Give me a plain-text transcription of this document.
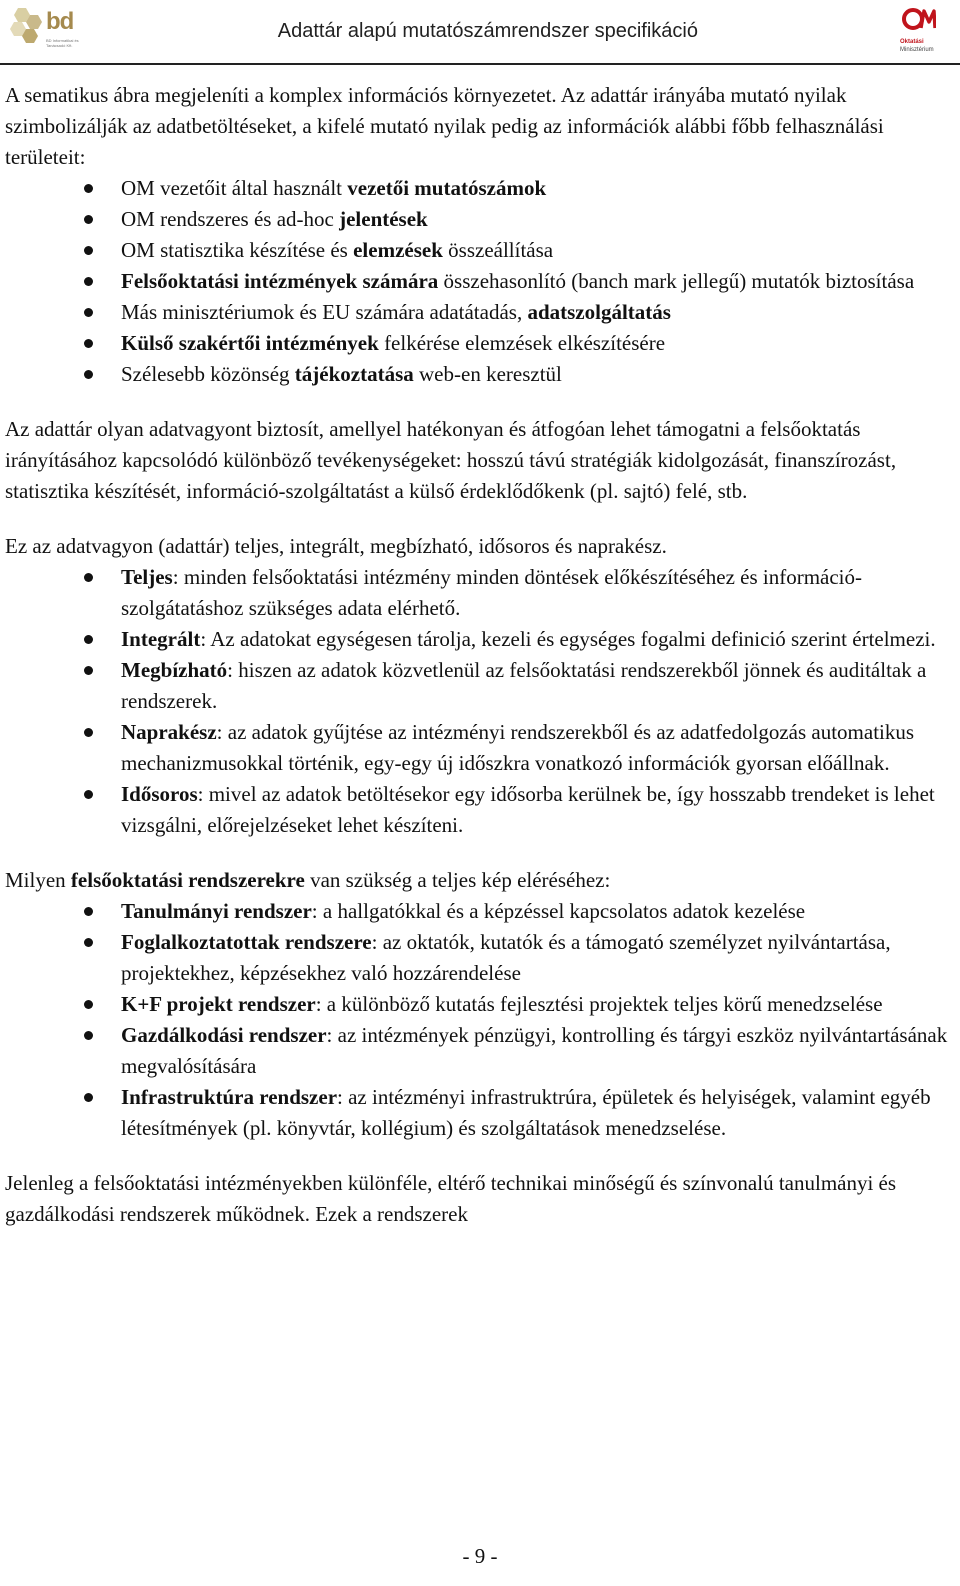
bd
BD Informatikai és Tanácsadó Kft.
Adattár alapú mutatószámrendszer specifikáció	Oktatási
Minisztérium

A sematikus ábra megjeleníti a komplex információs környezetet. Az adattár irányába mutató nyilak szimbolizálják az adatbetöltéseket, a kifelé mutató nyilak pedig az információk alábbi főbb felhasználási területeit:

OM vezetőit által használt vezetői mutatószámok
OM rendszeres és ad-hoc jelentések
OM statisztika készítése és elemzések összeállítása
Felsőoktatási intézmények számára összehasonlító (banch mark jellegű) mutatók biztosítása
Más minisztériumok és EU számára adatátadás, adatszolgáltatás
Külső szakértői intézmények felkérése elemzések elkészítésére
Szélesebb közönség tájékoztatása web-en keresztül

Az adattár olyan adatvagyont biztosít, amellyel hatékonyan és átfogóan lehet támogatni a felsőoktatás irányításához kapcsolódó különböző tevékenységeket: hosszú távú stratégiák kidolgozását, finanszírozást, statisztika készítését, információ-szolgáltatást a külső érdeklődőkenk (pl. sajtó) felé, stb.

Ez az adatvagyon (adattár) teljes, integrált, megbízható, idősoros és naprakész.

Teljes: minden felsőoktatási intézmény minden döntések előkészítéséhez és információ-szolgátatáshoz szükséges adata elérhető.
Integrált: Az adatokat egységesen tárolja, kezeli és egységes fogalmi definició szerint értelmezi.
Megbízható: hiszen az adatok közvetlenül az felsőoktatási rendszerekből jönnek és auditáltak a rendszerek.
Naprakész: az adatok gyűjtése az intézményi rendszerekből és az adatfedolgozás automatikus mechanizmusokkal történik, egy-egy új időszkra vonatkozó információk gyorsan előállnak.
Idősoros: mivel az adatok betöltésekor egy idősorba kerülnek be, így hosszabb trendeket is lehet vizsgálni, előrejelzéseket lehet készíteni.

Milyen felsőoktatási rendszerekre van szükség a teljes kép eléréséhez:

Tanulmányi rendszer: a hallgatókkal és a képzéssel kapcsolatos adatok kezelése
Foglalkoztatottak rendszere: az oktatók, kutatók és a támogató személyzet nyilvántartása, projektekhez, képzésekhez való hozzárendelése
K+F projekt rendszer: a különböző kutatás fejlesztési projektek teljes körű menedzselése
Gazdálkodási rendszer: az intézmények pénzügyi, kontrolling és tárgyi eszköz nyilvántartásának megvalósítására
Infrastruktúra rendszer: az intézményi infrastruktrúra, épületek és helyiségek, valamint egyéb létesítmények (pl. könyvtár, kollégium) és szolgáltatások menedzselése.

Jelenleg a felsőoktatási intézményekben különféle, eltérő technikai minőségű és színvonalú tanulmányi és gazdálkodási rendszerek működnek. Ezek a rendszerek

- 9 -
